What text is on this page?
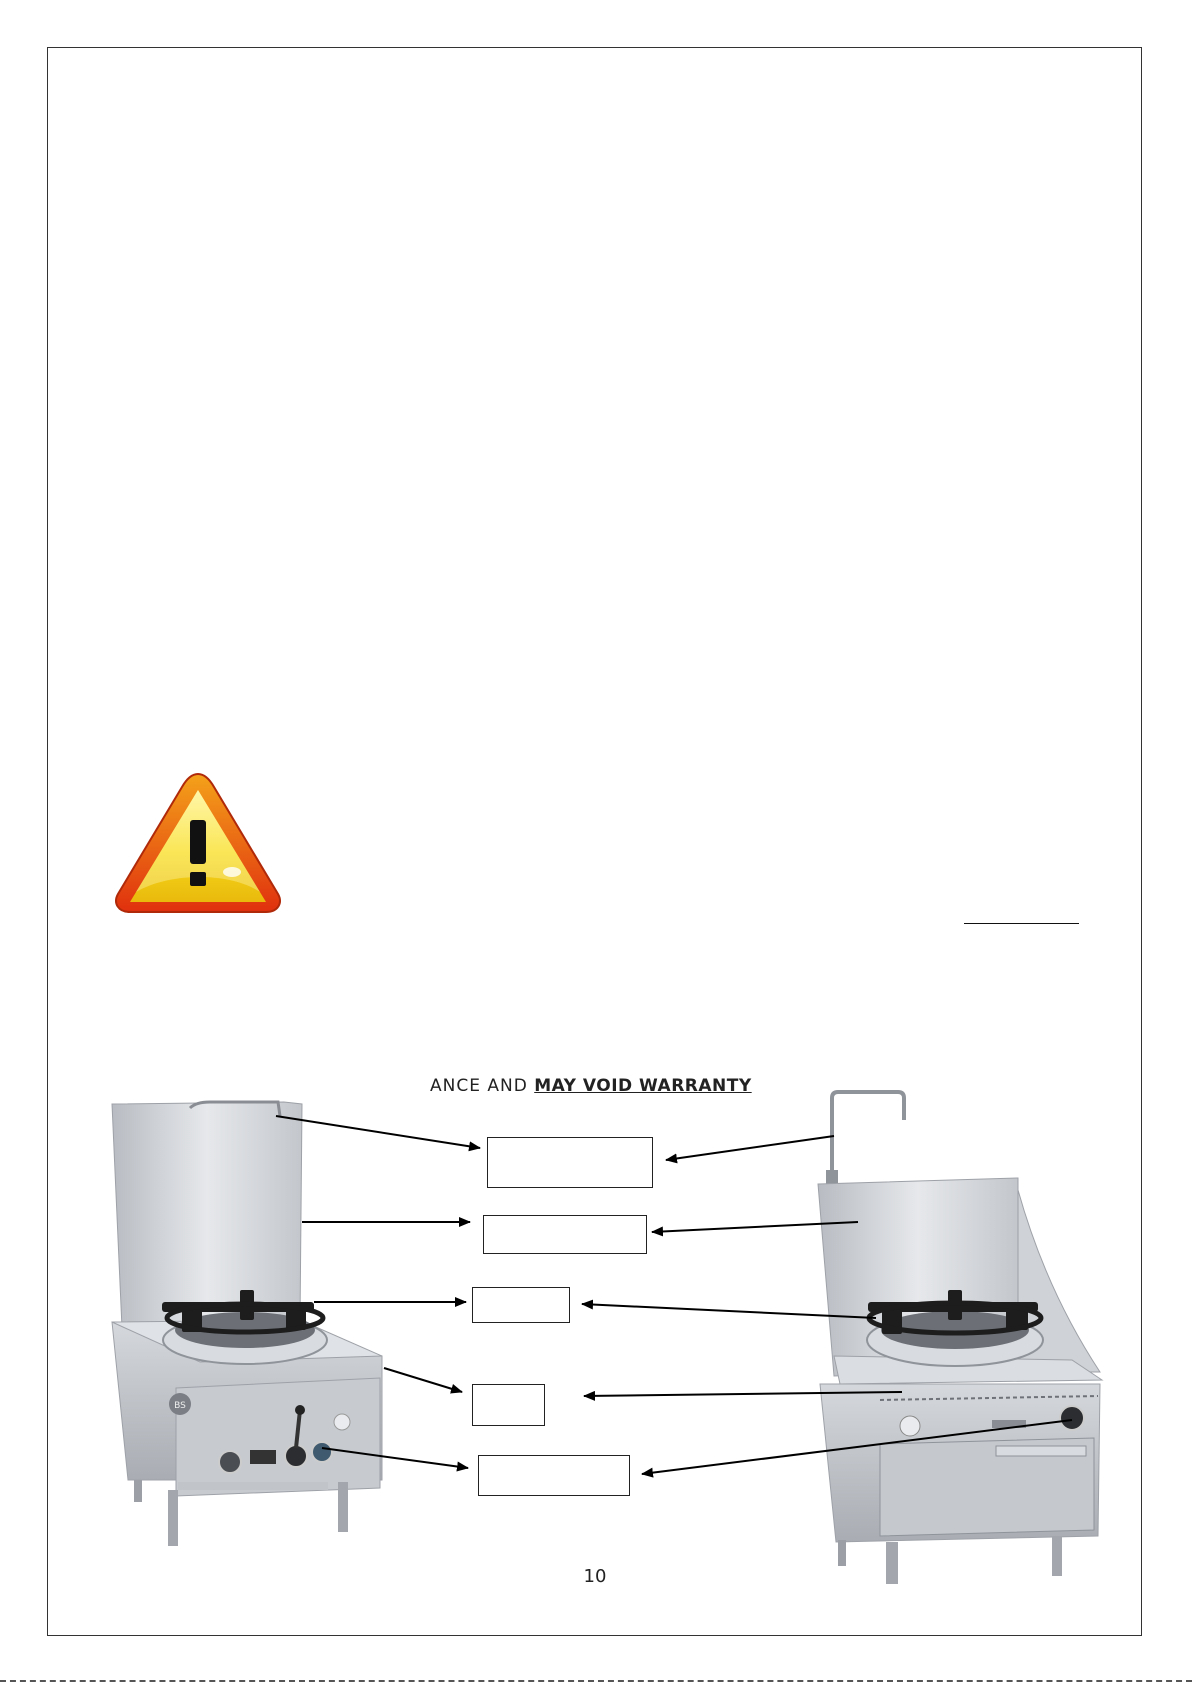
ANCE AND MAY VOID WARRANTY
BS
10
